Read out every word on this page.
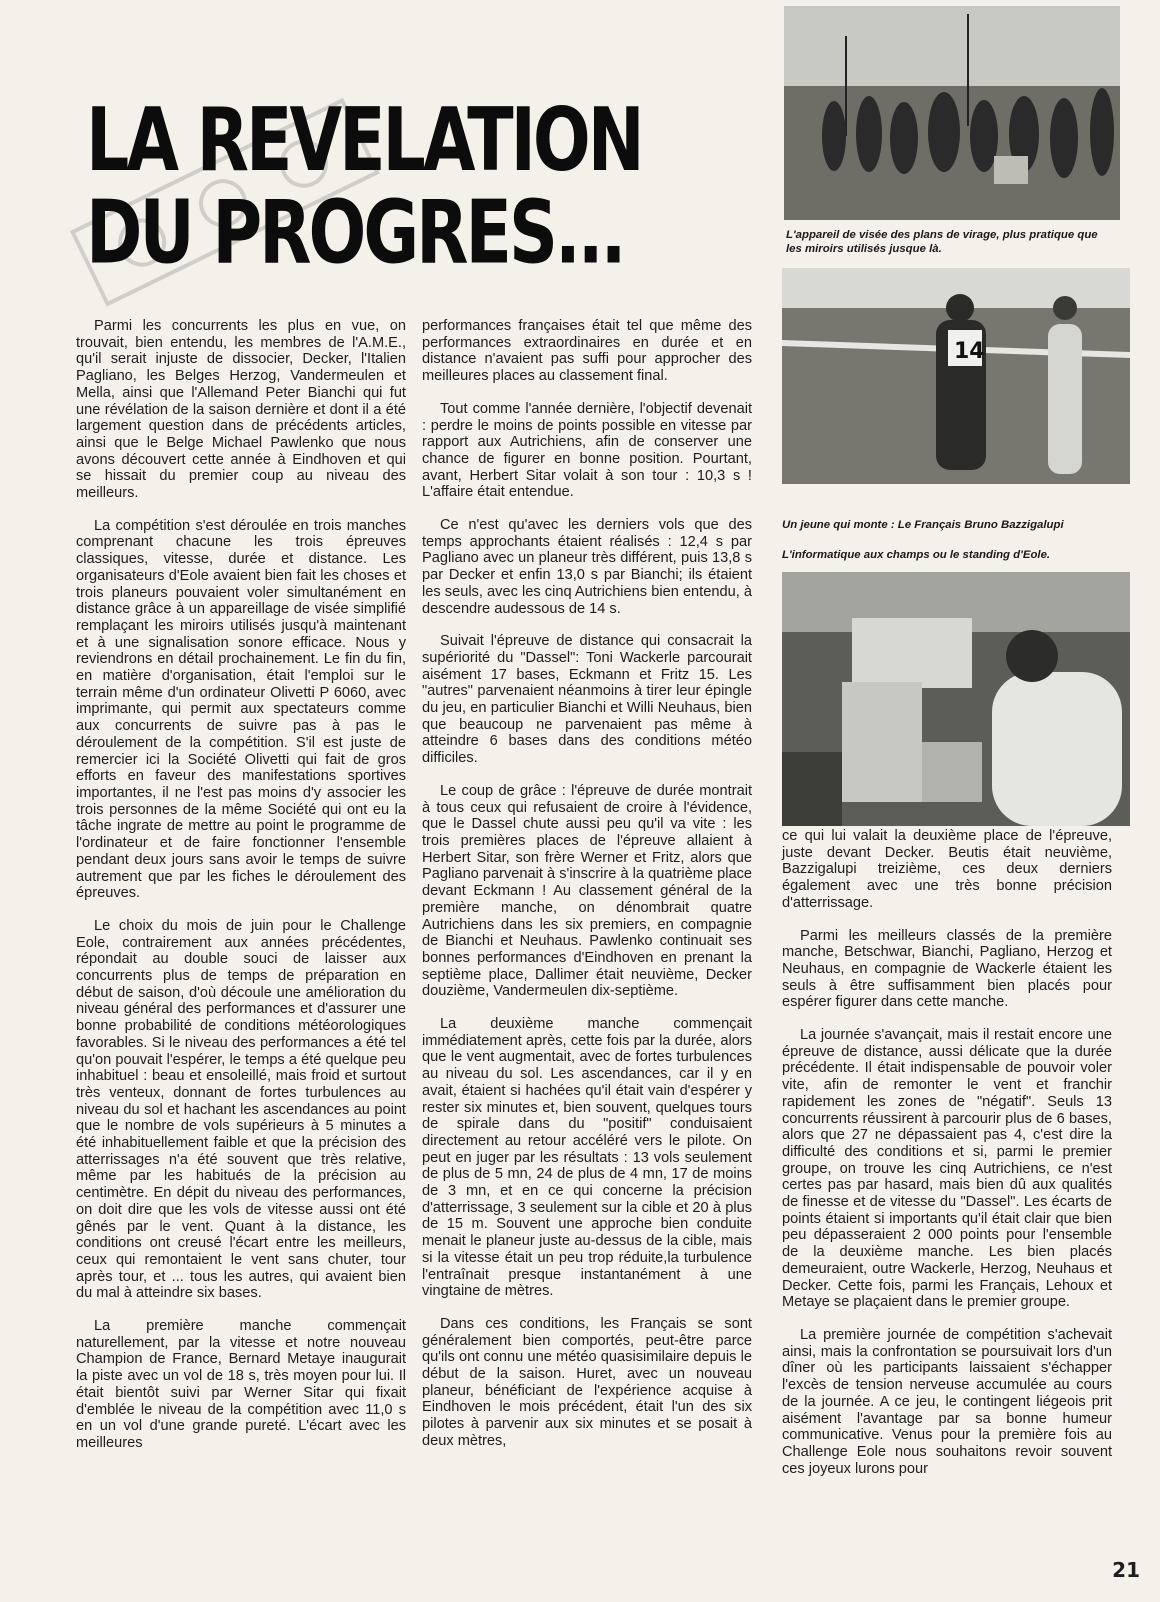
LA REVELATION
DU PROGRES...	L'appareil de visée des plans de virage, plus pratique que les miroirs utilisés jusque là.
14
Un jeune qui monte : Le Français Bruno Bazzigalupi
L'informatique aux champs ou le standing d'Eole.

Parmi les concurrents les plus en vue, on trouvait, bien entendu, les membres de l'A.M.E., qu'il serait injuste de dissocier, Decker, l'Italien Pagliano, les Belges Herzog, Vandermeulen et Mella, ainsi que l'Allemand Peter Bianchi qui fut une révélation de la saison dernière et dont il a été largement question dans de précédents articles, ainsi que le Belge Michael Pawlenko que nous avons découvert cette année à Eindhoven et qui se hissait du premier coup au niveau des meilleurs.

La compétition s'est déroulée en trois manches comprenant chacune les trois épreuves classiques, vitesse, durée et distance. Les organisateurs d'Eole avaient bien fait les choses et trois planeurs pouvaient voler simultanément en distance grâce à un appareillage de visée simplifié remplaçant les miroirs utilisés jusqu'à maintenant et à une signalisation sonore efficace. Nous y reviendrons en détail prochainement. Le fin du fin, en matière d'organisation, était l'emploi sur le terrain même d'un ordinateur Olivetti P 6060, avec imprimante, qui permit aux spectateurs comme aux concurrents de suivre pas à pas le déroulement de la compétition. S'il est juste de remercier ici la Société Olivetti qui fait de gros efforts en faveur des manifestations sportives importantes, il ne l'est pas moins d'y associer les trois personnes de la même Société qui ont eu la tâche ingrate de mettre au point le programme de l'ordinateur et de faire fonctionner l'ensemble pendant deux jours sans avoir le temps de suivre autrement que par les fiches le déroulement des épreuves.

Le choix du mois de juin pour le Challenge Eole, contrairement aux années précédentes, répondait au double souci de laisser aux concurrents plus de temps de préparation en début de saison, d'où découle une amélioration du niveau général des performances et d'assurer une bonne probabilité de conditions météorologiques favorables. Si le niveau des performances a été tel qu'on pouvait l'espérer, le temps a été quelque peu inhabituel : beau et ensoleillé, mais froid et surtout très venteux, donnant de fortes turbulences au niveau du sol et hachant les ascendances au point que le nombre de vols supérieurs à 5 minutes a été inhabituellement faible et que la précision des atterrissages n'a été souvent que très relative, même par les habitués de la précision au centimètre. En dépit du niveau des performances, on doit dire que les vols de vitesse aussi ont été gênés par le vent. Quant à la distance, les conditions ont creusé l'écart entre les meilleurs, ceux qui remontaient le vent sans chuter, tour après tour, et ... tous les autres, qui avaient bien du mal à atteindre six bases.

La première manche commençait naturellement, par la vitesse et notre nouveau Champion de France, Bernard Metaye inaugurait la piste avec un vol de 18 s, très moyen pour lui. Il était bientôt suivi par Werner Sitar qui fixait d'emblée le niveau de la compétition avec 11,0 s en un vol d'une grande pureté. L'écart avec les meilleures

performances françaises était tel que même des performances extraordinaires en durée et en distance n'avaient pas suffi pour approcher des meilleures places au classement final.

Tout comme l'année dernière, l'objectif devenait : perdre le moins de points possible en vitesse par rapport aux Autrichiens, afin de conserver une chance de figurer en bonne position. Pourtant, avant, Herbert Sitar volait à son tour : 10,3 s ! L'affaire était entendue.

Ce n'est qu'avec les derniers vols que des temps approchants étaient réalisés : 12,4 s par Pagliano avec un planeur très différent, puis 13,8 s par Decker et enfin 13,0 s par Bianchi; ils étaient les seuls, avec les cinq Autrichiens bien entendu, à descendre audessous de 14 s.

Suivait l'épreuve de distance qui consacrait la supériorité du "Dassel": Toni Wackerle parcourait aisément 17 bases, Eckmann et Fritz 15. Les "autres" parvenaient néanmoins à tirer leur épingle du jeu, en particulier Bianchi et Willi Neuhaus, bien que beaucoup ne parvenaient pas même à atteindre 6 bases dans des conditions météo difficiles.

Le coup de grâce : l'épreuve de durée montrait à tous ceux qui refusaient de croire à l'évidence, que le Dassel chute aussi peu qu'il va vite : les trois premières places de l'épreuve allaient à Herbert Sitar, son frère Werner et Fritz, alors que Pagliano parvenait à s'inscrire à la quatrième place devant Eckmann ! Au classement général de la première manche, on dénombrait quatre Autrichiens dans les six premiers, en compagnie de Bianchi et Neuhaus. Pawlenko continuait ses bonnes performances d'Eindhoven en prenant la septième place, Dallimer était neuvième, Decker douzième, Vandermeulen dix-septième.

La deuxième manche commençait immédiatement après, cette fois par la durée, alors que le vent augmentait, avec de fortes turbulences au niveau du sol. Les ascendances, car il y en avait, étaient si hachées qu'il était vain d'espérer y rester six minutes et, bien souvent, quelques tours de spirale dans du "positif" conduisaient directement au retour accéléré vers le pilote. On peut en juger par les résultats : 13 vols seulement de plus de 5 mn, 24 de plus de 4 mn, 17 de moins de 3 mn, et en ce qui concerne la précision d'atterrissage, 3 seulement sur la cible et 20 à plus de 15 m. Souvent une approche bien conduite menait le planeur juste au-dessus de la cible, mais si la vitesse était un peu trop réduite,la turbulence l'entraînait presque instantanément à une vingtaine de mètres.

Dans ces conditions, les Français se sont généralement bien comportés, peut-être parce qu'ils ont connu une météo quasisimilaire depuis le début de la saison. Huret, avec un nouveau planeur, bénéficiant de l'expérience acquise à Eindhoven le mois précédent, était l'un des six pilotes à parvenir aux six minutes et se posait à deux mètres,

ce qui lui valait la deuxième place de l'épreuve, juste devant Decker. Beutis était neuvième, Bazzigalupi treizième, ces deux derniers également avec une très bonne précision d'atterrissage.

Parmi les meilleurs classés de la première manche, Betschwar, Bianchi, Pagliano, Herzog et Neuhaus, en compagnie de Wackerle étaient les seuls à être suffisamment bien placés pour espérer figurer dans cette manche.

La journée s'avançait, mais il restait encore une épreuve de distance, aussi délicate que la durée précédente. Il était indispensable de pouvoir voler vite, afin de remonter le vent et franchir rapidement les zones de "négatif". Seuls 13 concurrents réussirent à parcourir plus de 6 bases, alors que 27 ne dépassaient pas 4, c'est dire la difficulté des conditions et si, parmi le premier groupe, on trouve les cinq Autrichiens, ce n'est certes pas par hasard, mais bien dû aux qualités de finesse et de vitesse du "Dassel". Les écarts de points étaient si importants qu'il était clair que bien peu dépasseraient 2 000 points pour l'ensemble de la deuxième manche. Les bien placés demeuraient, outre Wackerle, Herzog, Neuhaus et Decker. Cette fois, parmi les Français, Lehoux et Metaye se plaçaient dans le premier groupe.

La première journée de compétition s'achevait ainsi, mais la confrontation se poursuivait lors d'un dîner où les participants laissaient s'échapper l'excès de tension nerveuse accumulée au cours de la journée. A ce jeu, le contingent liégeois prit aisément l'avantage par sa bonne humeur communicative. Venus pour la première fois au Challenge Eole nous souhaitons revoir souvent ces joyeux lurons pour

21
